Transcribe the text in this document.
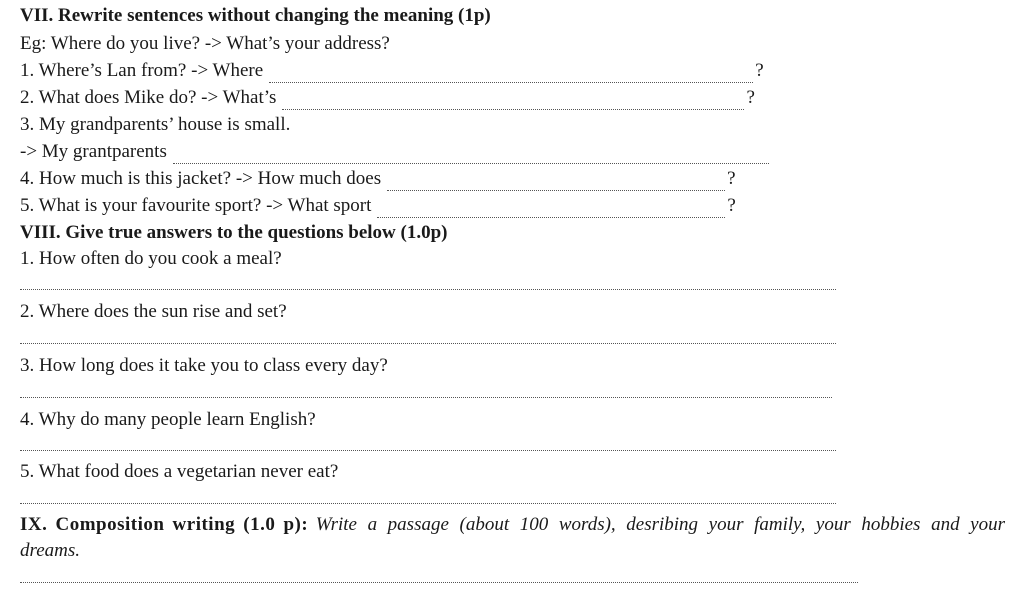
VII. Rewrite sentences without changing the meaning (1p)
Eg: Where do you live? -> What’s your address?
1. Where’s Lan from? -> Where	?
2. What does Mike do? -> What’s	?
3. My grandparents’ house is small.
-> My grantparents
4. How much is this jacket? -> How much does	?
5. What is your favourite sport? -> What sport	?
VIII. Give true answers to the questions below (1.0p)
1. How often do you cook a meal?
2. Where does the sun rise and set?
3. How long does it take you to class every day?
4. Why do many people learn English?
5. What food does a vegetarian never eat?
IX. Composition writing (1.0 p): Write a passage (about 100 words), desribing your family, your hobbies and your dreams.
